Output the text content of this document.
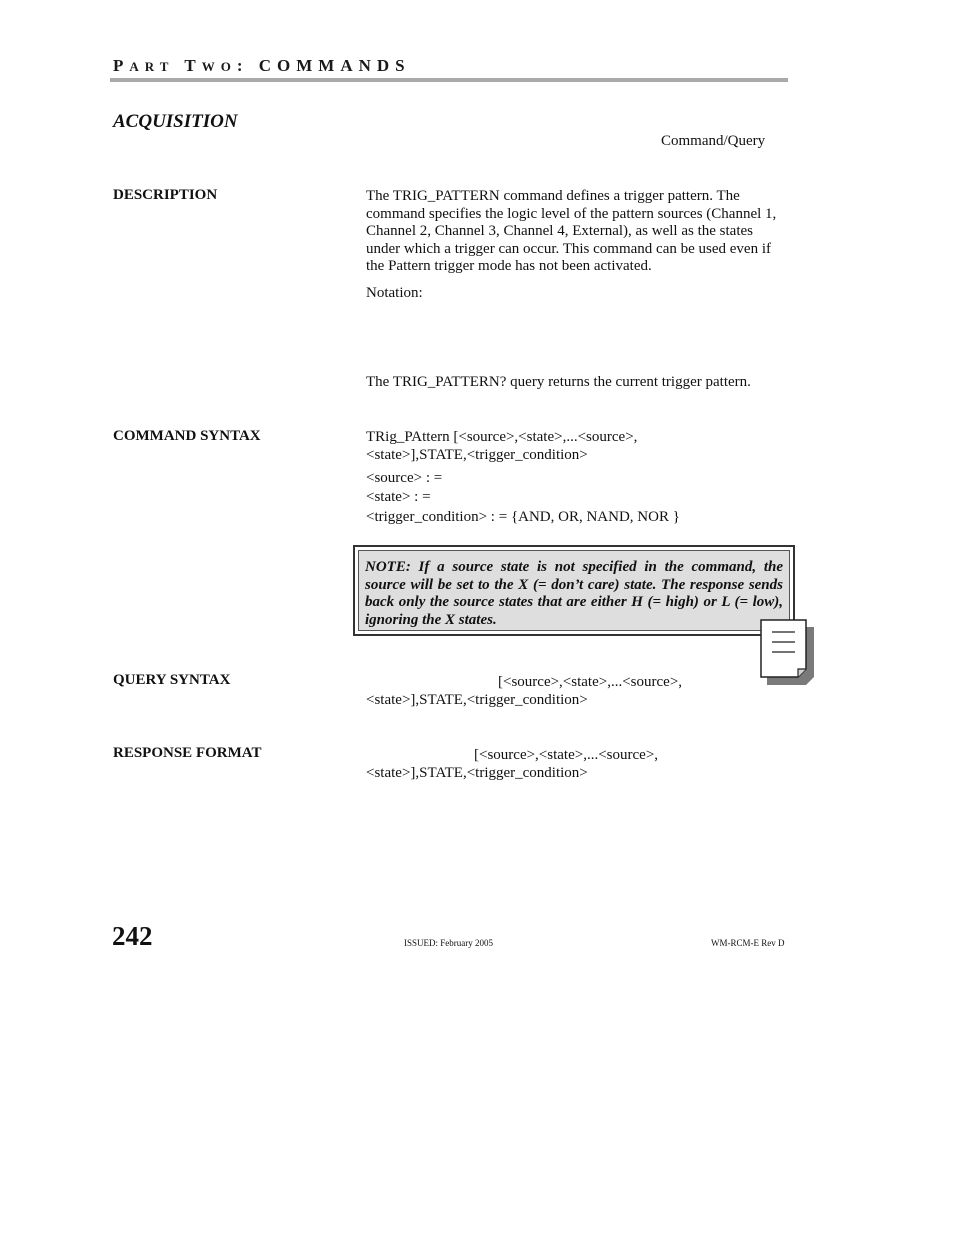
PART TWO: COMMANDS
ACQUISITION
Command/Query
DESCRIPTION	The TRIG_PATTERN command defines a trigger pattern. The command specifies the logic level of the pattern sources (Channel 1, Channel 2, Channel 3, Channel 4, External), as well as the states under which a trigger can occur. This command can be used even if the Pattern trigger mode has not been activated.
Notation:
The TRIG_PATTERN? query returns the current trigger pattern.
COMMAND SYNTAX	TRig_PAttern [<source>,<state>,...<source>,
<state>],STATE,<trigger_condition>
<source> : =
<state> : =
<trigger_condition> : = {AND, OR, NAND, NOR }
NOTE: If a source state is not specified in the command, the source will be set to the X (= don’t care) state. The response sends back only the source states that are either H (= high) or L (= low), ignoring the X states.
QUERY SYNTAX	[<source>,<state>,...<source>,
<state>],STATE,<trigger_condition>
RESPONSE FORMAT	[<source>,<state>,...<source>,
<state>],STATE,<trigger_condition>
242	ISSUED: February 2005	WM-RCM-E Rev D
